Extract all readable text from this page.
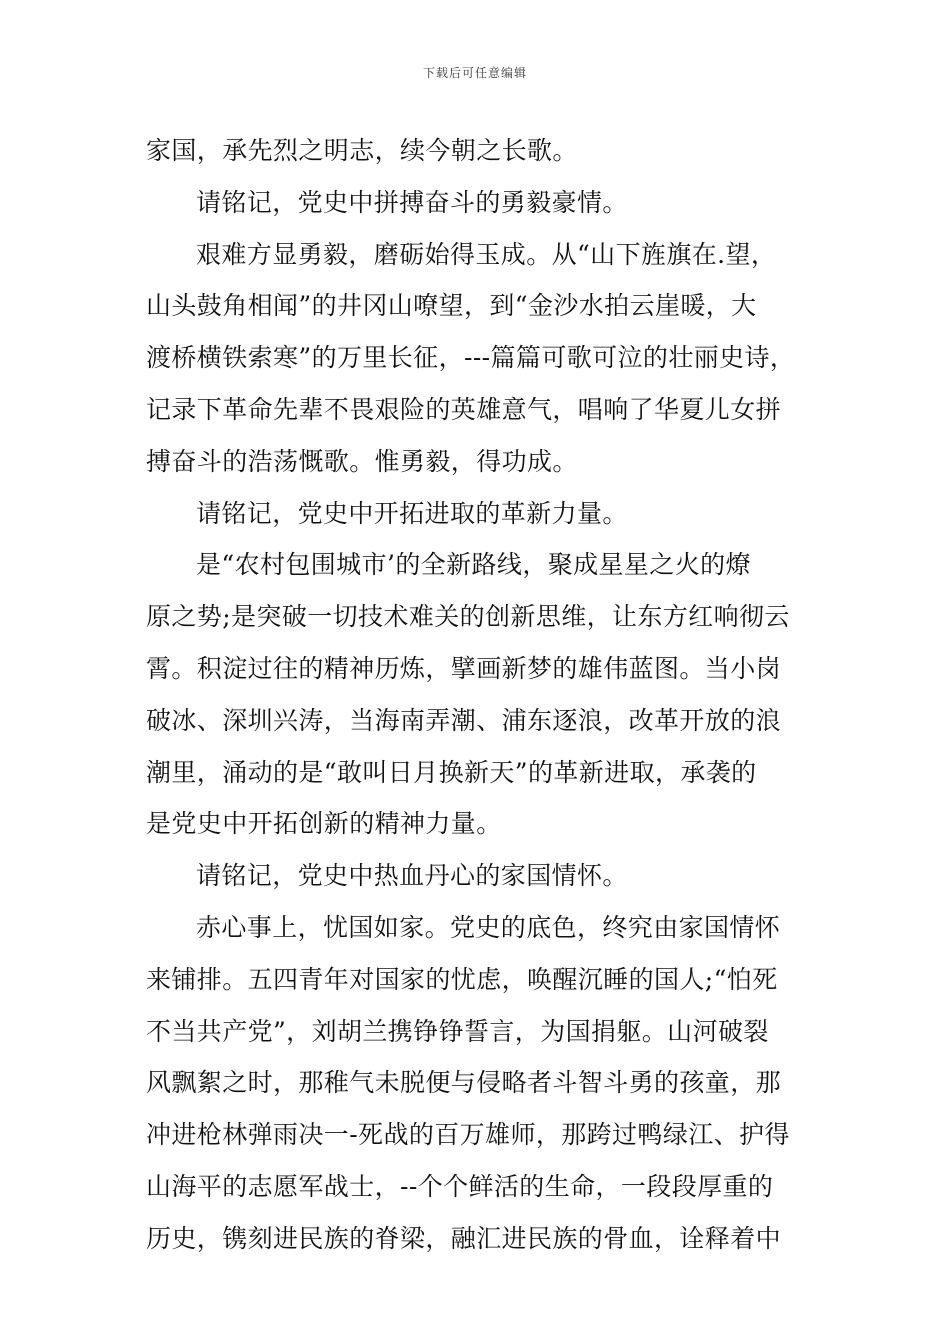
下载后可任意编辑
家国，承先烈之明志，续今朝之长歌。
请铭记，党史中拼搏奋斗的勇毅豪情。
艰难方显勇毅，磨砺始得玉成。从“山下旌旗在.望，
山头鼓角相闻”的井冈山嘹望，到“金沙水拍云崖暖，大
渡桥横铁索寒”的万里长征，---篇篇可歌可泣的壮丽史诗，
记录下革命先辈不畏艰险的英雄意气，唱响了华夏儿女拼
搏奋斗的浩荡慨歌。惟勇毅，得功成。
请铭记，党史中开拓进取的革新力量。
是“农村包围城市’的全新路线，聚成星星之火的燎
原之势;是突破一切技术难关的创新思维，让东方红响彻云
霄。积淀过往的精神历炼，擘画新梦的雄伟蓝图。当小岗
破冰、深圳兴涛，当海南弄潮、浦东逐浪，改革开放的浪
潮里，涌动的是“敢叫日月换新天”的革新进取，承袭的
是党史中开拓创新的精神力量。
请铭记，党史中热血丹心的家国情怀。
赤心事上，忧国如家。党史的底色，终究由家国情怀
来铺排。五四青年对国家的忧虑，唤醒沉睡的国人;“怕死
不当共产党”，刘胡兰携铮铮誓言，为国捐躯。山河破裂
风飘絮之时，那稚气未脱便与侵略者斗智斗勇的孩童，那
冲进枪林弹雨决一-死战的百万雄师，那跨过鸭绿江、护得
山海平的志愿军战士，--个个鲜活的生命，一段段厚重的
历史，镌刻进民族的脊梁，融汇进民族的骨血，诠释着中
